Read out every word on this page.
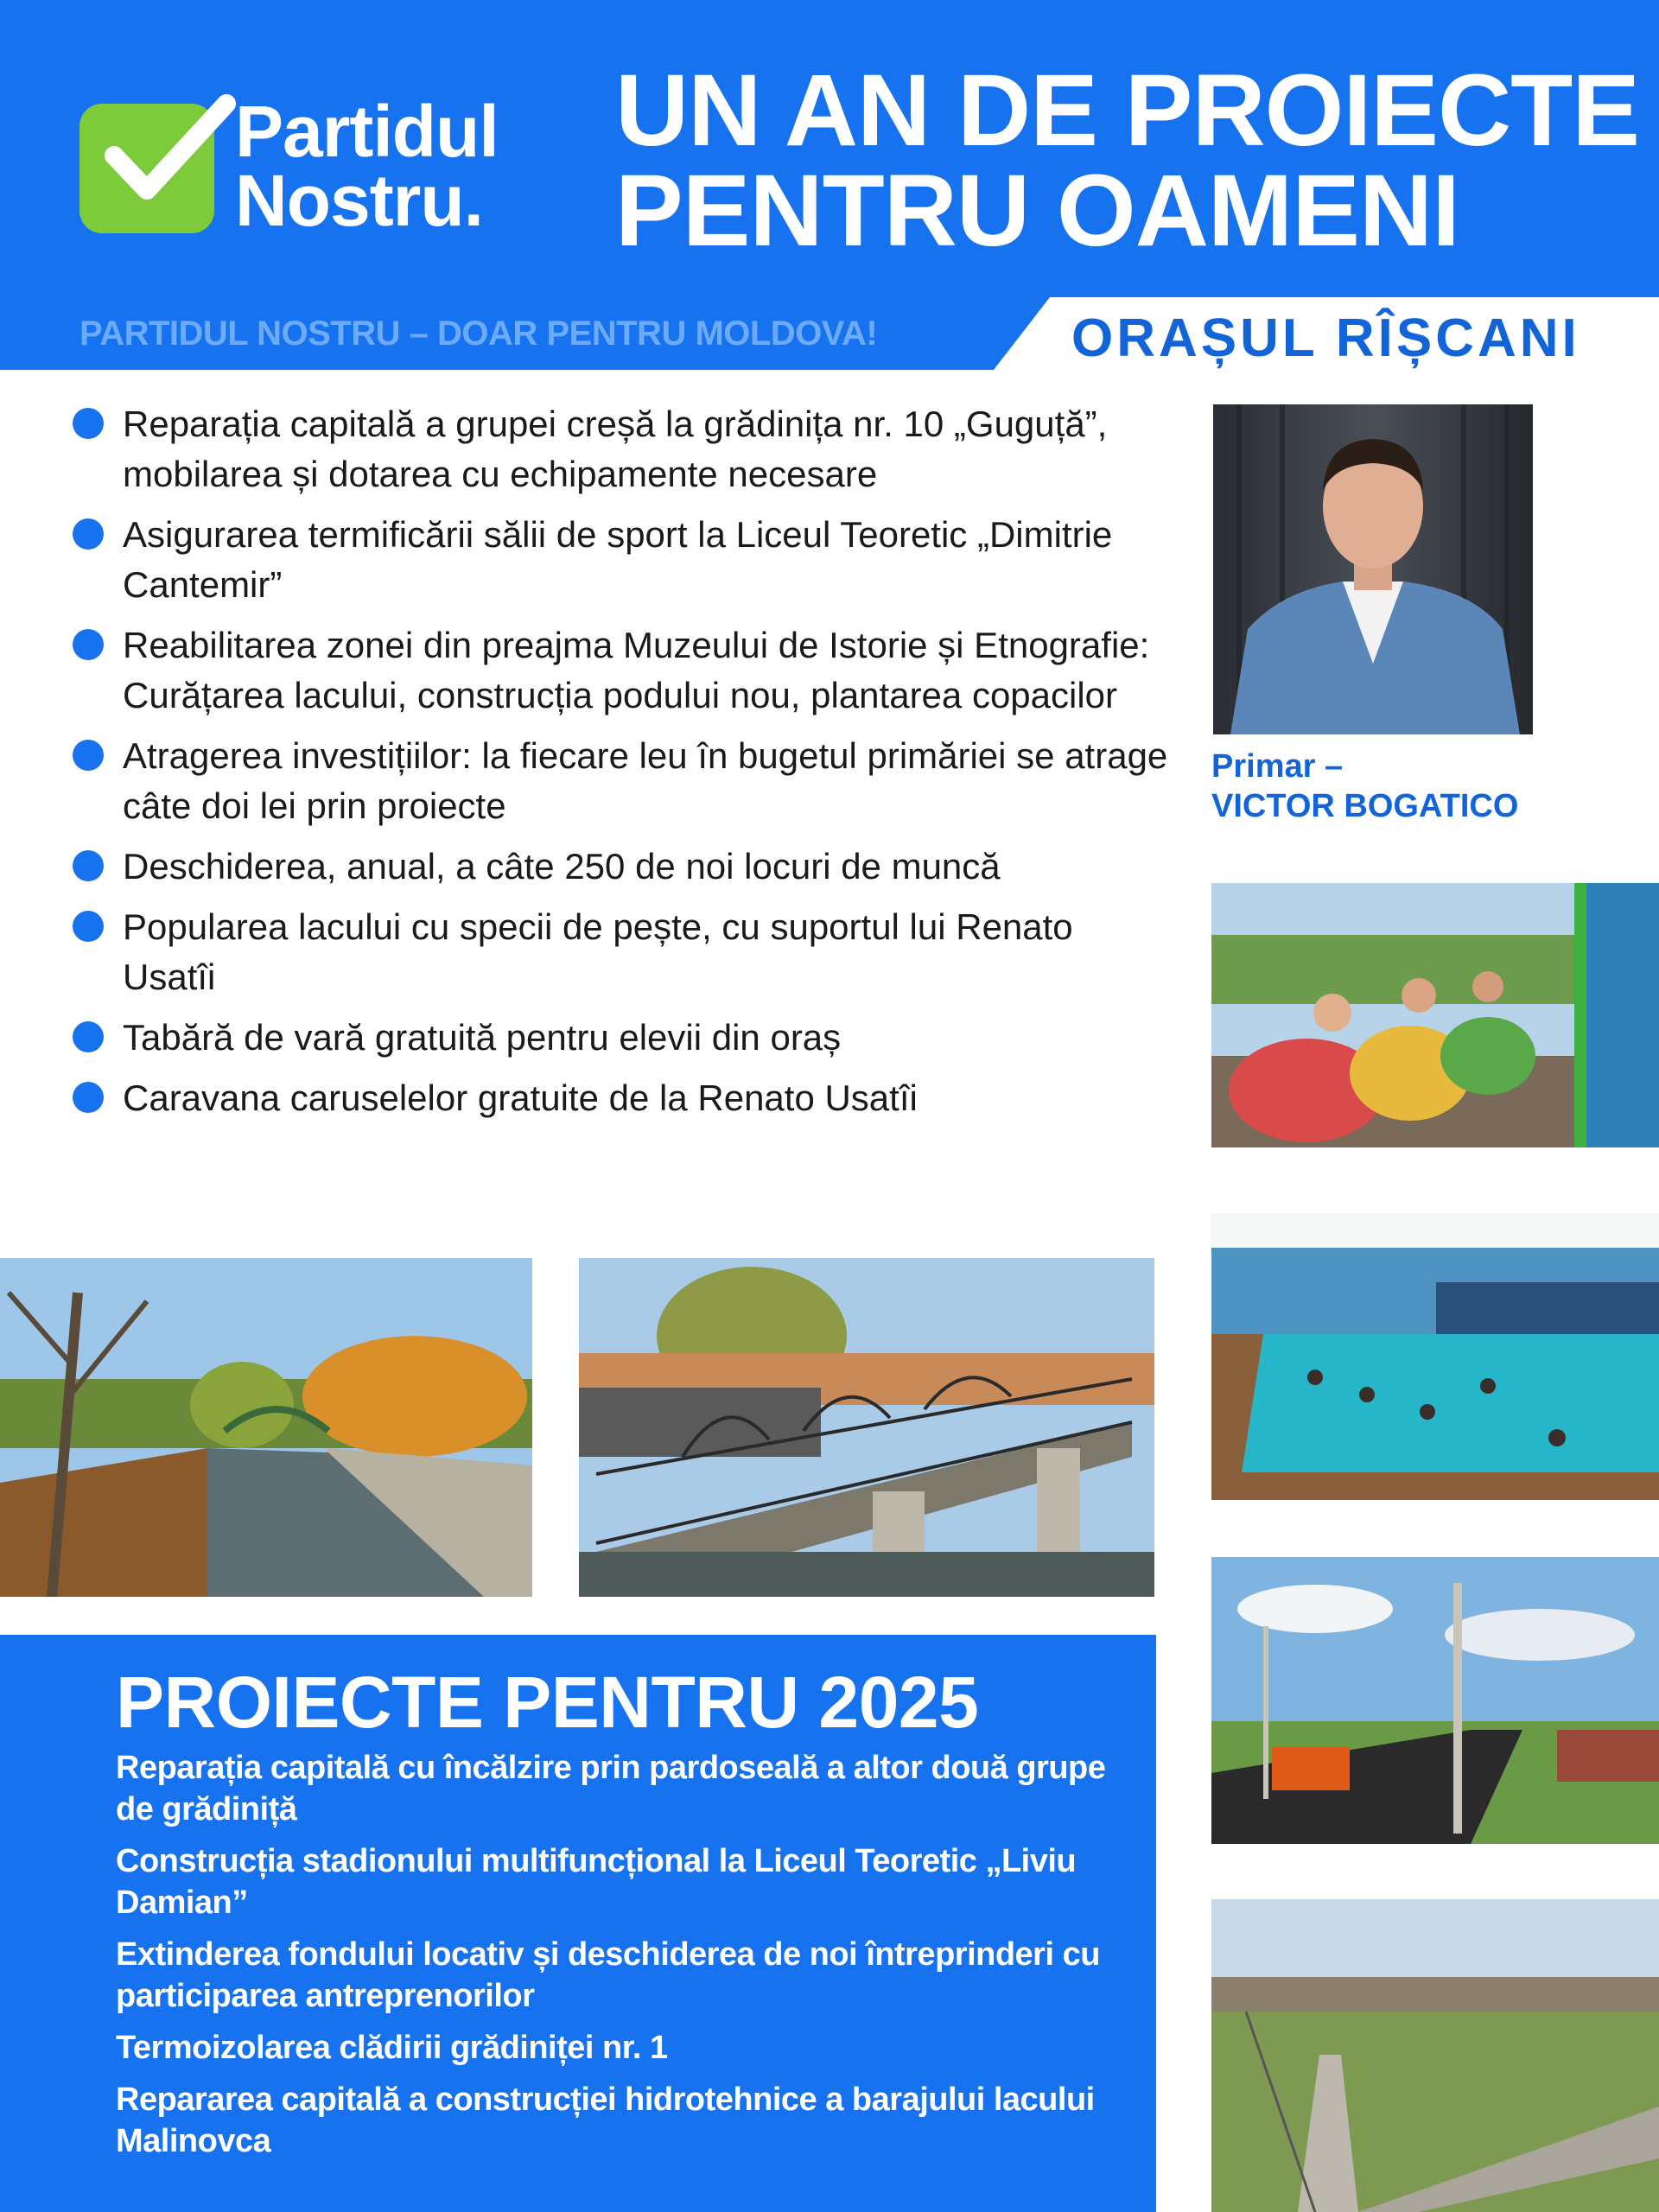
Partidul
Nostru.
UN AN DE PROIECTE
PENTRU OAMENI
PARTIDUL NOSTRU – DOAR PENTRU MOLDOVA!	ORAȘUL RÎȘCANI
Reparația capitală a grupei creșă la grădinița nr. 10 „Guguță”, mobilarea și dotarea cu echipamente necesare
Asigurarea termificării sălii de sport la Liceul Teoretic „Dimitrie Cantemir”
Reabilitarea zonei din preajma Muzeului de Istorie și Etnografie: Curățarea lacului, construcția podului nou, plantarea copacilor
Atragerea investițiilor: la fiecare leu în bugetul primăriei se atrage câte doi lei prin proiecte
Deschiderea, anual, a câte 250 de noi locuri de muncă
Popularea lacului cu specii de pește, cu suportul lui Renato Usatîi
Tabără de vară gratuită pentru elevii din oraș
Caravana caruselelor gratuite de la Renato Usatîi
Primar –
VICTOR BOGATICO
PROIECTE PENTRU 2025
Reparația capitală cu încălzire prin pardoseală a altor două grupe de grădiniță
Construcția stadionului multifuncțional la Liceul Teoretic „Liviu Damian”
Extinderea fondului locativ și deschiderea de noi întreprinderi cu participarea antreprenorilor
Termoizolarea clădirii grădiniței nr. 1
Repararea capitală a construcției hidrotehnice a barajului lacului Malinovca
